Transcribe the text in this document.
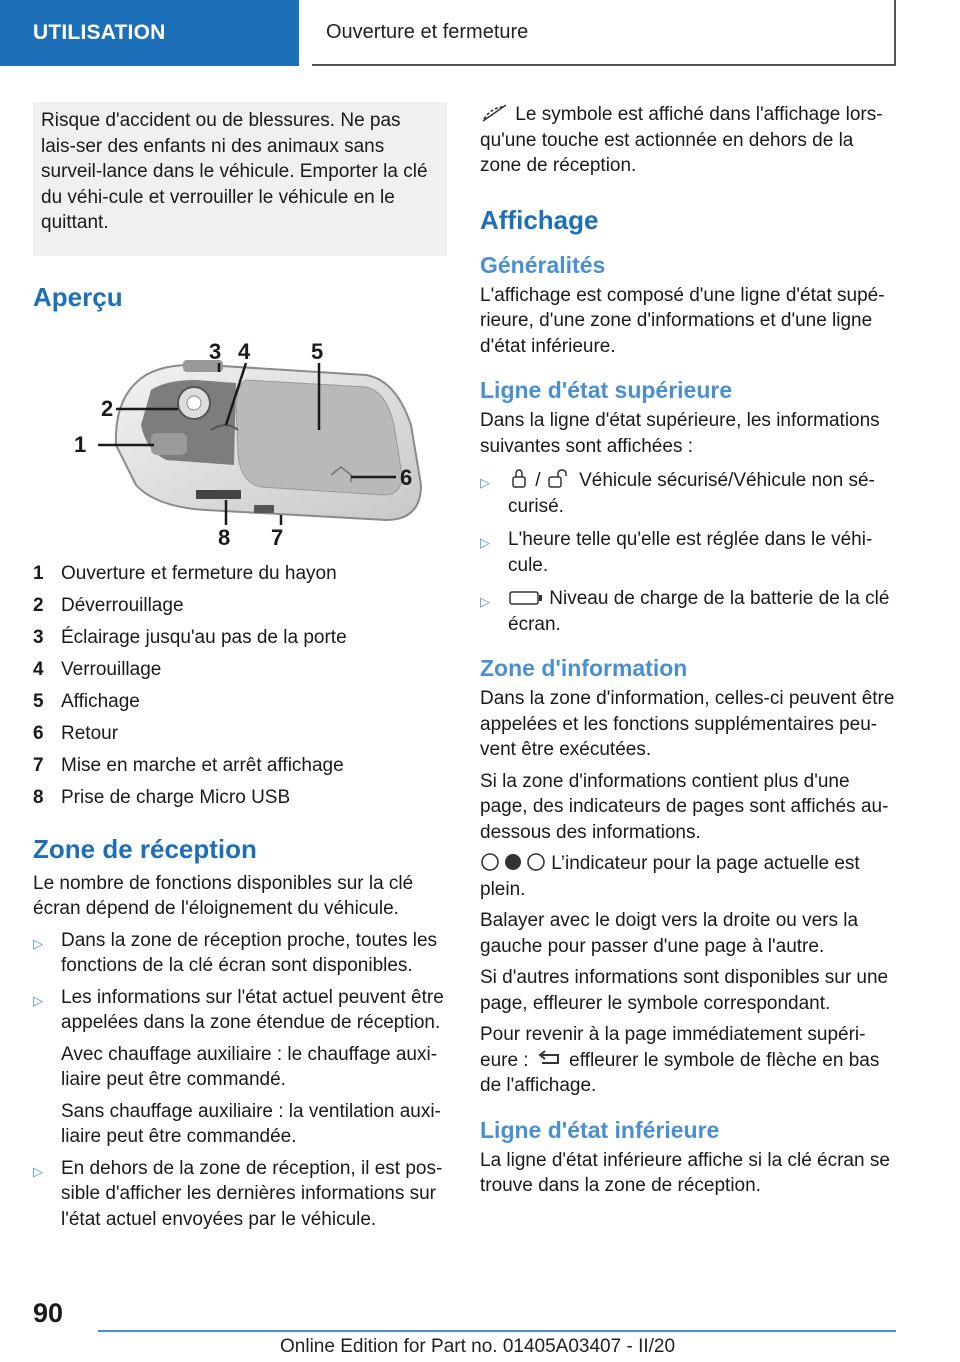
UTILISATION	Ouverture et fermeture

Risque d'accident ou de blessures. Ne pas lais-ser des enfants ni des animaux sans surveil-lance dans le véhicule. Emporter la clé du véhi-cule et verrouiller le véhicule en le quittant.

Aperçu
1
2
3 4	5
6
7
8
1 Ouverture et fermeture du hayon
2 Déverrouillage
3 Éclairage jusqu'au pas de la porte
4 Verrouillage
5 Affichage
6 Retour
7 Mise en marche et arrêt affichage
8 Prise de charge Micro USB
Zone de réception

Le nombre de fonctions disponibles sur la clé écran dépend de l'éloignement du véhicule.

▷ Dans la zone de réception proche, toutes les fonctions de la clé écran sont disponibles.
▷ Les informations sur l'état actuel peuvent être appelées dans la zone étendue de réception.

Avec chauffage auxiliaire : le chauffage auxi-liaire peut être commandé.

Sans chauffage auxiliaire : la ventilation auxi-liaire peut être commandée.

▷ En dehors de la zone de réception, il est pos-sible d'afficher les dernières informations sur l'état actuel envoyées par le véhicule.

Le symbole est affiché dans l'affichage lors-qu'une touche est actionnée en dehors de la zone de réception.

Affichage
Généralités

L'affichage est composé d'une ligne d'état supé-rieure, d'une zone d'informations et d'une ligne d'état inférieure.

Ligne d'état supérieure

Dans la ligne d'état supérieure, les informations suivantes sont affichées :

▷ / Véhicule sécurisé/Véhicule non sé-curisé.
▷ L'heure telle qu'elle est réglée dans le véhi-cule.
▷	Niveau de charge de la batterie de la clé écran.
Zone d'information

Dans la zone d'information, celles-ci peuvent être appelées et les fonctions supplémentaires peu-vent être exécutées.

Si la zone d'informations contient plus d'une page, des indicateurs de pages sont affichés au-dessous des informations.

L’indicateur pour la page actuelle est plein.

Balayer avec le doigt vers la droite ou vers la gauche pour passer d'une page à l'autre.

Si d'autres informations sont disponibles sur une page, effleurer le symbole correspondant.

Pour revenir à la page immédiatement supéri-eure : effleurer le symbole de flèche en bas de l'affichage.

Ligne d'état inférieure

La ligne d'état inférieure affiche si la clé écran se trouve dans la zone de réception.

90
Online Edition for Part no. 01405A03407 - II/20
